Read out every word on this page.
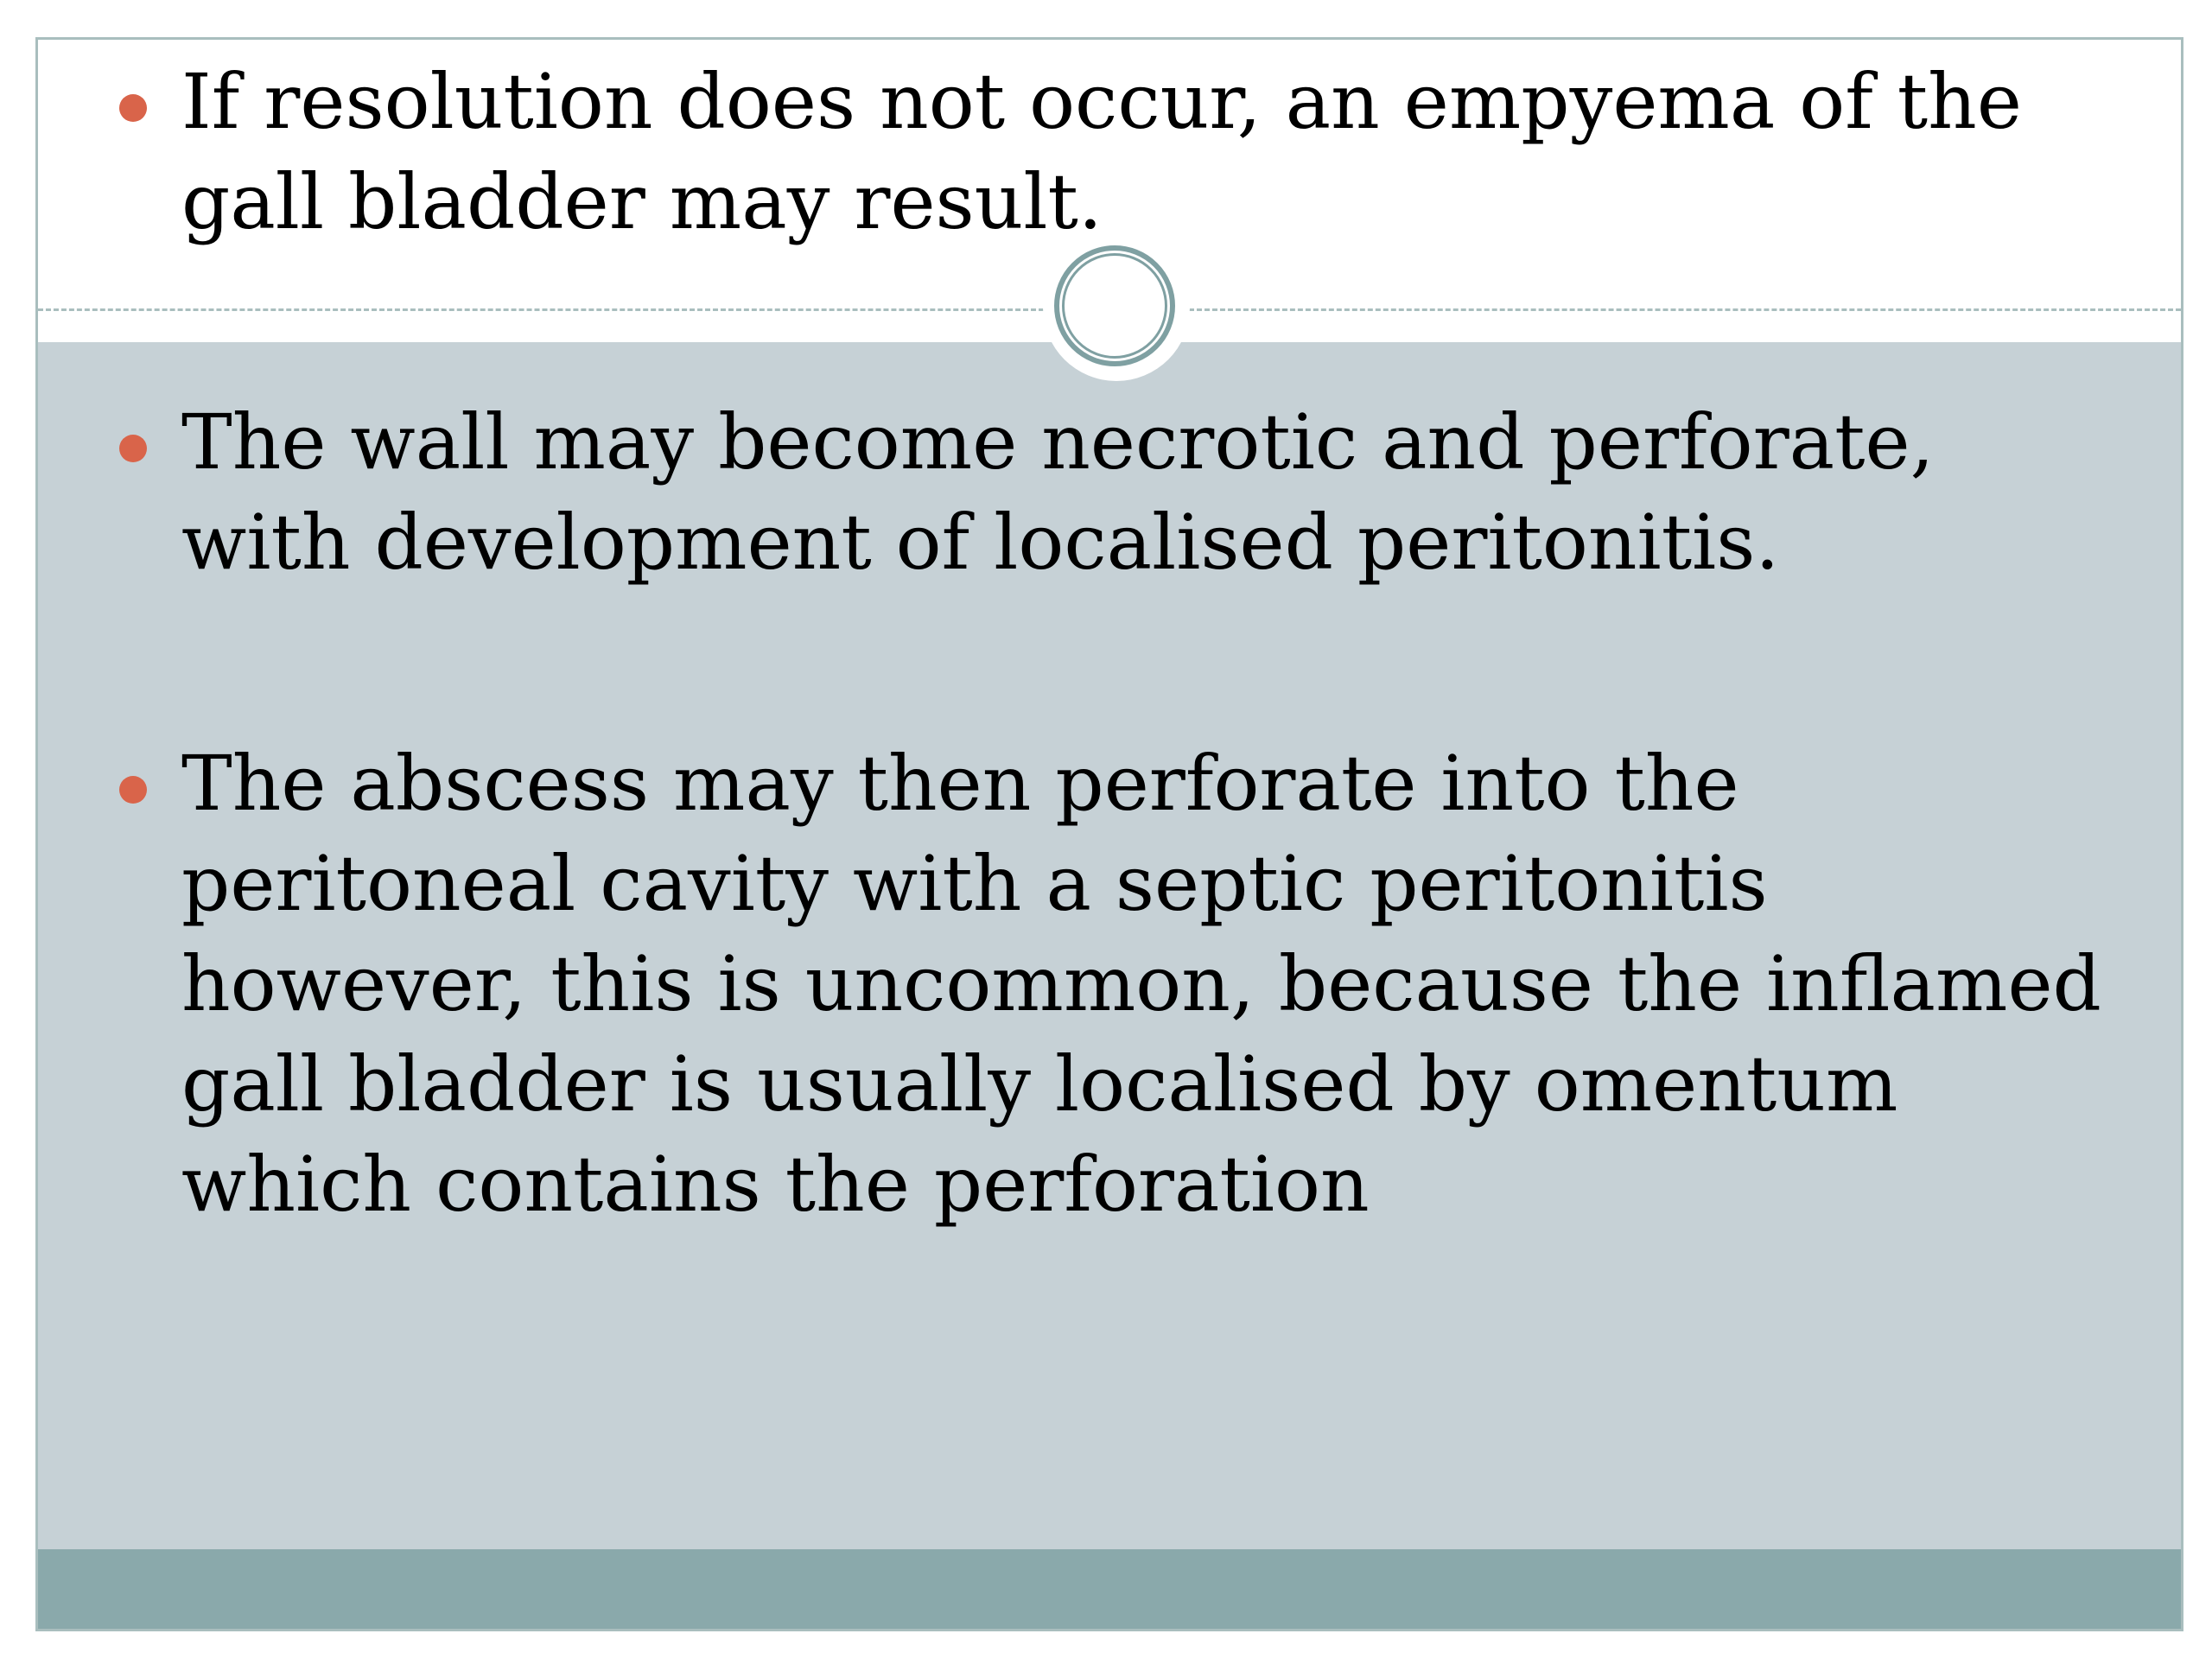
If resolution does not occur, an empyema of the gall bladder may result.
The wall may become necrotic and perforate, with development of localised peritonitis.
The abscess may then perforate into the peritoneal cavity with a septic peritonitis however, this is uncommon, because the inflamed gall bladder is usually localised by omentum which contains the perforation
